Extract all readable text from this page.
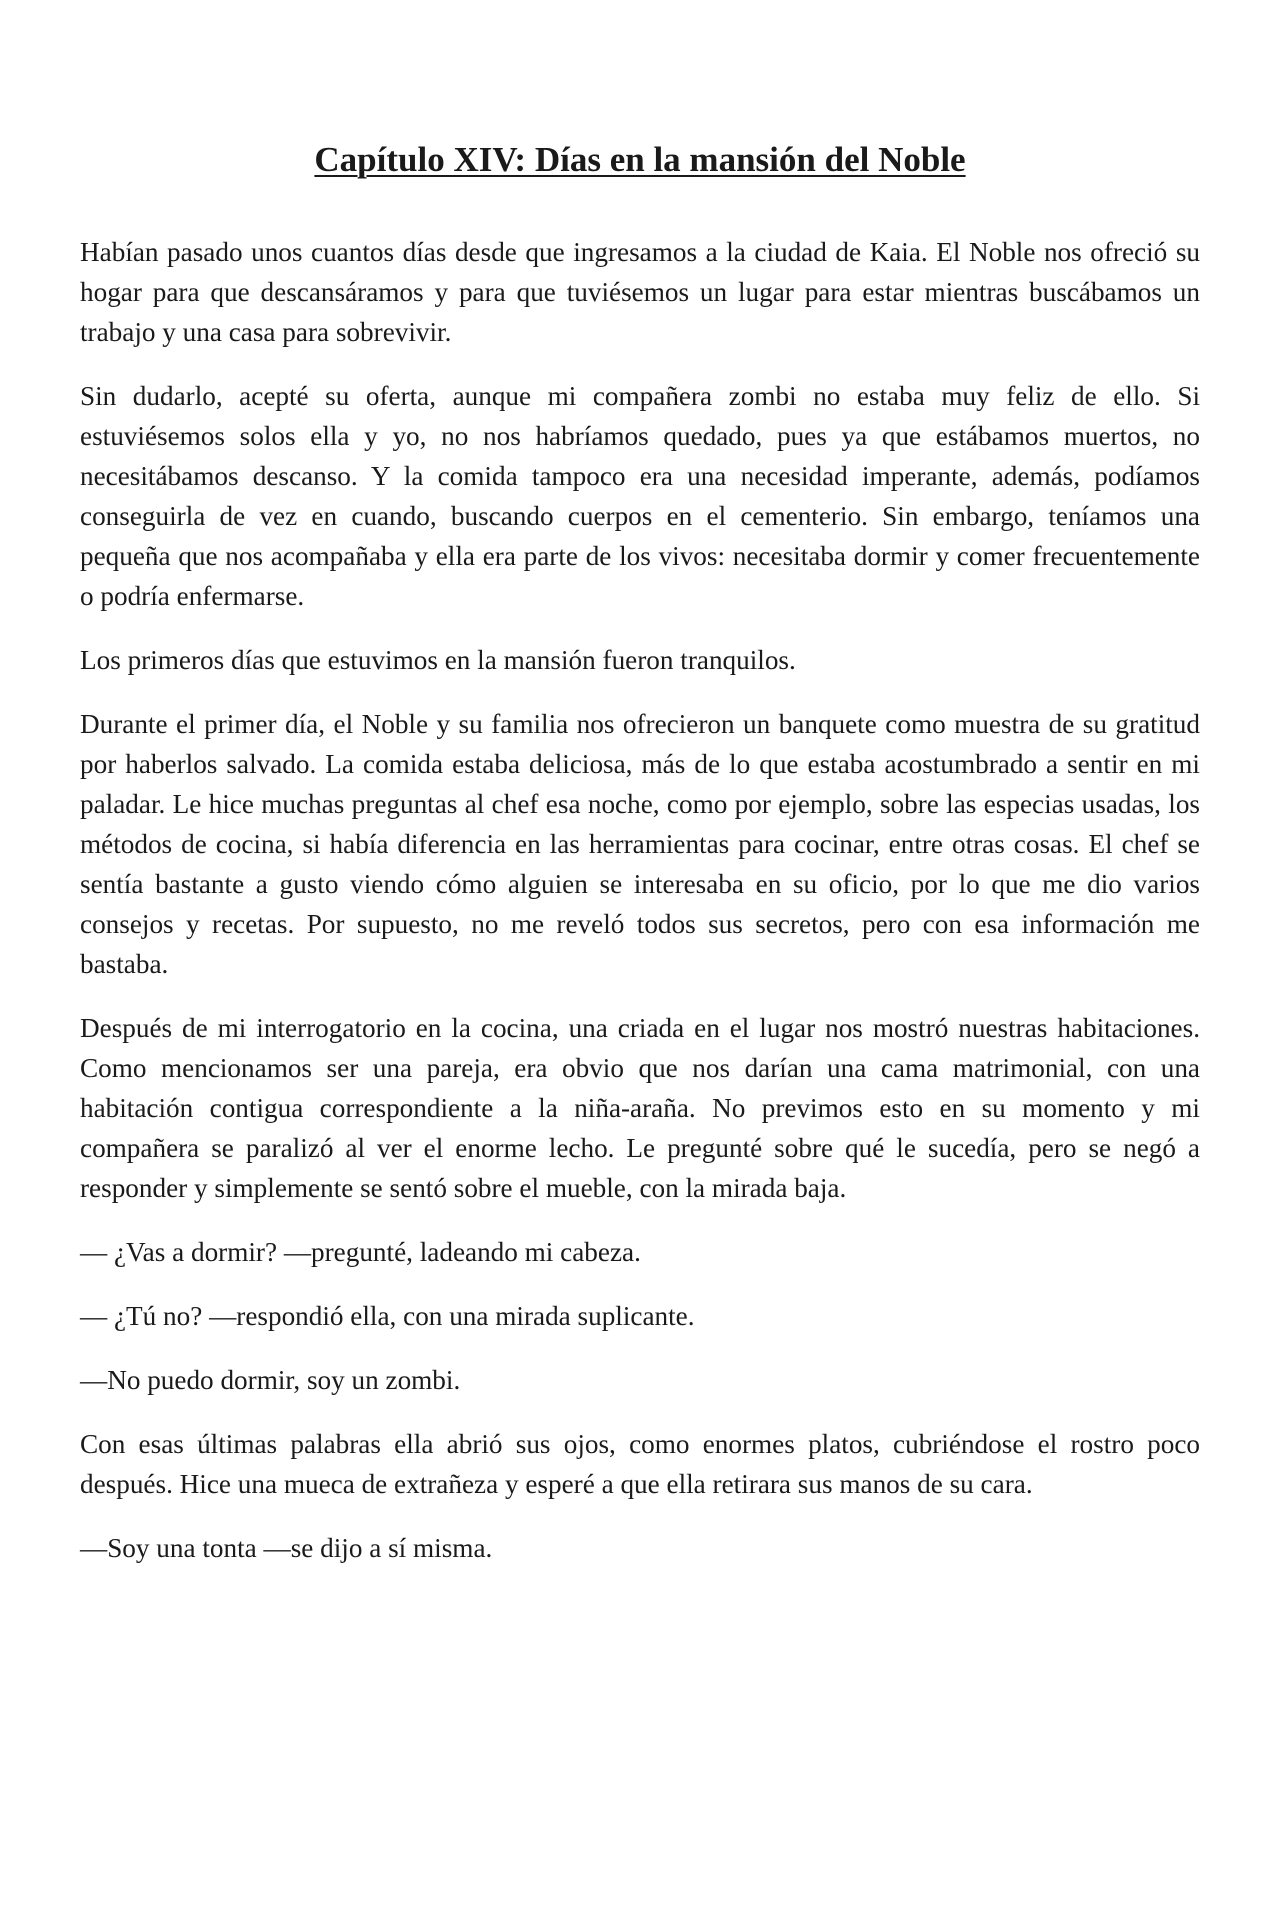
Capítulo XIV: Días en la mansión del Noble

Habían pasado unos cuantos días desde que ingresamos a la ciudad de Kaia. El Noble nos ofreció su hogar para que descansáramos y para que tuviésemos un lugar para estar mientras buscábamos un trabajo y una casa para sobrevivir.

Sin dudarlo, acepté su oferta, aunque mi compañera zombi no estaba muy feliz de ello. Si estuviésemos solos ella y yo, no nos habríamos quedado, pues ya que estábamos muertos, no necesitábamos descanso. Y la comida tampoco era una necesidad imperante, además, podíamos conseguirla de vez en cuando, buscando cuerpos en el cementerio. Sin embargo, teníamos una pequeña que nos acompañaba y ella era parte de los vivos: necesitaba dormir y comer frecuentemente o podría enfermarse.

Los primeros días que estuvimos en la mansión fueron tranquilos.

Durante el primer día, el Noble y su familia nos ofrecieron un banquete como muestra de su gratitud por haberlos salvado. La comida estaba deliciosa, más de lo que estaba acostumbrado a sentir en mi paladar. Le hice muchas preguntas al chef esa noche, como por ejemplo, sobre las especias usadas, los métodos de cocina, si había diferencia en las herramientas para cocinar, entre otras cosas. El chef se sentía bastante a gusto viendo cómo alguien se interesaba en su oficio, por lo que me dio varios consejos y recetas. Por supuesto, no me reveló todos sus secretos, pero con esa información me bastaba.

Después de mi interrogatorio en la cocina, una criada en el lugar nos mostró nuestras habitaciones. Como mencionamos ser una pareja, era obvio que nos darían una cama matrimonial, con una habitación contigua correspondiente a la niña-araña. No previmos esto en su momento y mi compañera se paralizó al ver el enorme lecho. Le pregunté sobre qué le sucedía, pero se negó a responder y simplemente se sentó sobre el mueble, con la mirada baja.

— ¿Vas a dormir? —pregunté, ladeando mi cabeza.

— ¿Tú no? —respondió ella, con una mirada suplicante.

—No puedo dormir, soy un zombi.

Con esas últimas palabras ella abrió sus ojos, como enormes platos, cubriéndose el rostro poco después. Hice una mueca de extrañeza y esperé a que ella retirara sus manos de su cara.

—Soy una tonta —se dijo a sí misma.
